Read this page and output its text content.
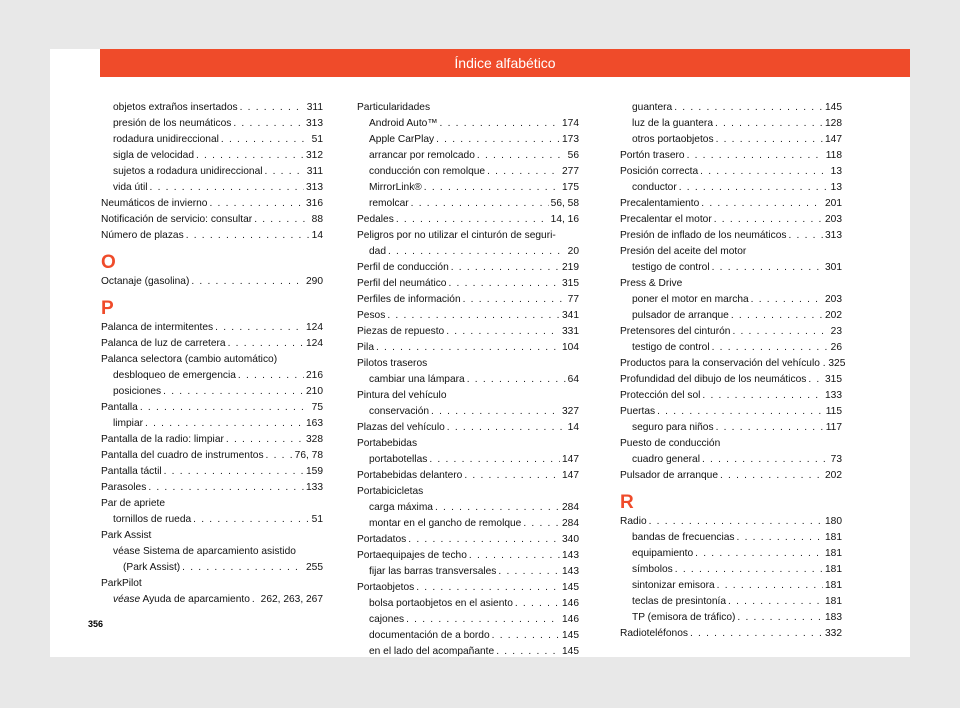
Índice alfabético
objetos extraños insertados . . .	311
presión de los neumáticos . . .	313
rodadura unidireccional . . .	51
sigla de velocidad . . .	312
sujetos a rodadura unidireccional . . .	311
vida útil . . .	313
Neumáticos de invierno . . .	316
Notificación de servicio: consultar . . .	88
Número de plazas . . .	14
O
Octanaje (gasolina) . . .	290
P
Palanca de intermitentes . . .	124
Palanca de luz de carretera . . .	124
Palanca selectora (cambio automático)
desbloqueo de emergencia . . .	216
posiciones . . .	210
Pantalla . . .	75
limpiar . . .	163
Pantalla de la radio: limpiar . . .	328
Pantalla del cuadro de instrumentos . . .	76, 78
Pantalla táctil . . .	159
Parasoles . . .	133
Par de apriete
tornillos de rueda . . .	51
Park Assist
véase Sistema de aparcamiento asistido
(Park Assist) . . .	255
ParkPilot
véase Ayuda de aparcamiento . . . 262, 263, 267
Particularidades
Android Auto™ . . .	174
Apple CarPlay . . .	173
arrancar por remolcado . . .	56
conducción con remolque . . .	277
MirrorLink® . . .	175
remolcar . . .	56, 58
Pedales . . .	14, 16
Peligros por no utilizar el cinturón de seguri-
dad . . .	20
Perfil de conducción . . .	219
Perfil del neumático . . .	315
Perfiles de información . . .	77
Pesos . . .	341
Piezas de repuesto . . .	331
Pila . . .	104
Pilotos traseros
cambiar una lámpara . . .	64
Pintura del vehículo
conservación . . .	327
Plazas del vehículo . . .	14
Portabebidas
portabotellas . . .	147
Portabebidas delantero . . .	147
Portabicicletas
carga máxima . . .	284
montar en el gancho de remolque . . .	284
Portadatos . . .	340
Portaequipajes de techo . . .	143
fijar las barras transversales . . .	143
Portaobjetos . . .	145
bolsa portaobjetos en el asiento . . .	146
cajones . . .	146
documentación de a bordo . . .	145
en el lado del acompañante . . .	145
guantera . . .	145
luz de la guantera . . .	128
otros portaobjetos . . .	147
Portón trasero . . .	118
Posición correcta . . .	13
conductor . . .	13
Precalentamiento . . .	201
Precalentar el motor . . .	203
Presión de inflado de los neumáticos . . .	313
Presión del aceite del motor
testigo de control . . .	301
Press & Drive
poner el motor en marcha . . .	203
pulsador de arranque . . .	202
Pretensores del cinturón . . .	23
testigo de control . . .	26
Productos para la conservación del vehículo . 325
Profundidad del dibujo de los neumáticos . . . 315
Protección del sol . . .	133
Puertas . . .	115
seguro para niños . . .	117
Puesto de conducción
cuadro general . . .	73
Pulsador de arranque . . .	202
R
Radio . . .	180
bandas de frecuencias . . .	181
equipamiento . . .	181
símbolos . . .	181
sintonizar emisora . . .	181
teclas de presintonía . . .	181
TP (emisora de tráfico) . . .	183
Radioteléfonos . . .	332
356
